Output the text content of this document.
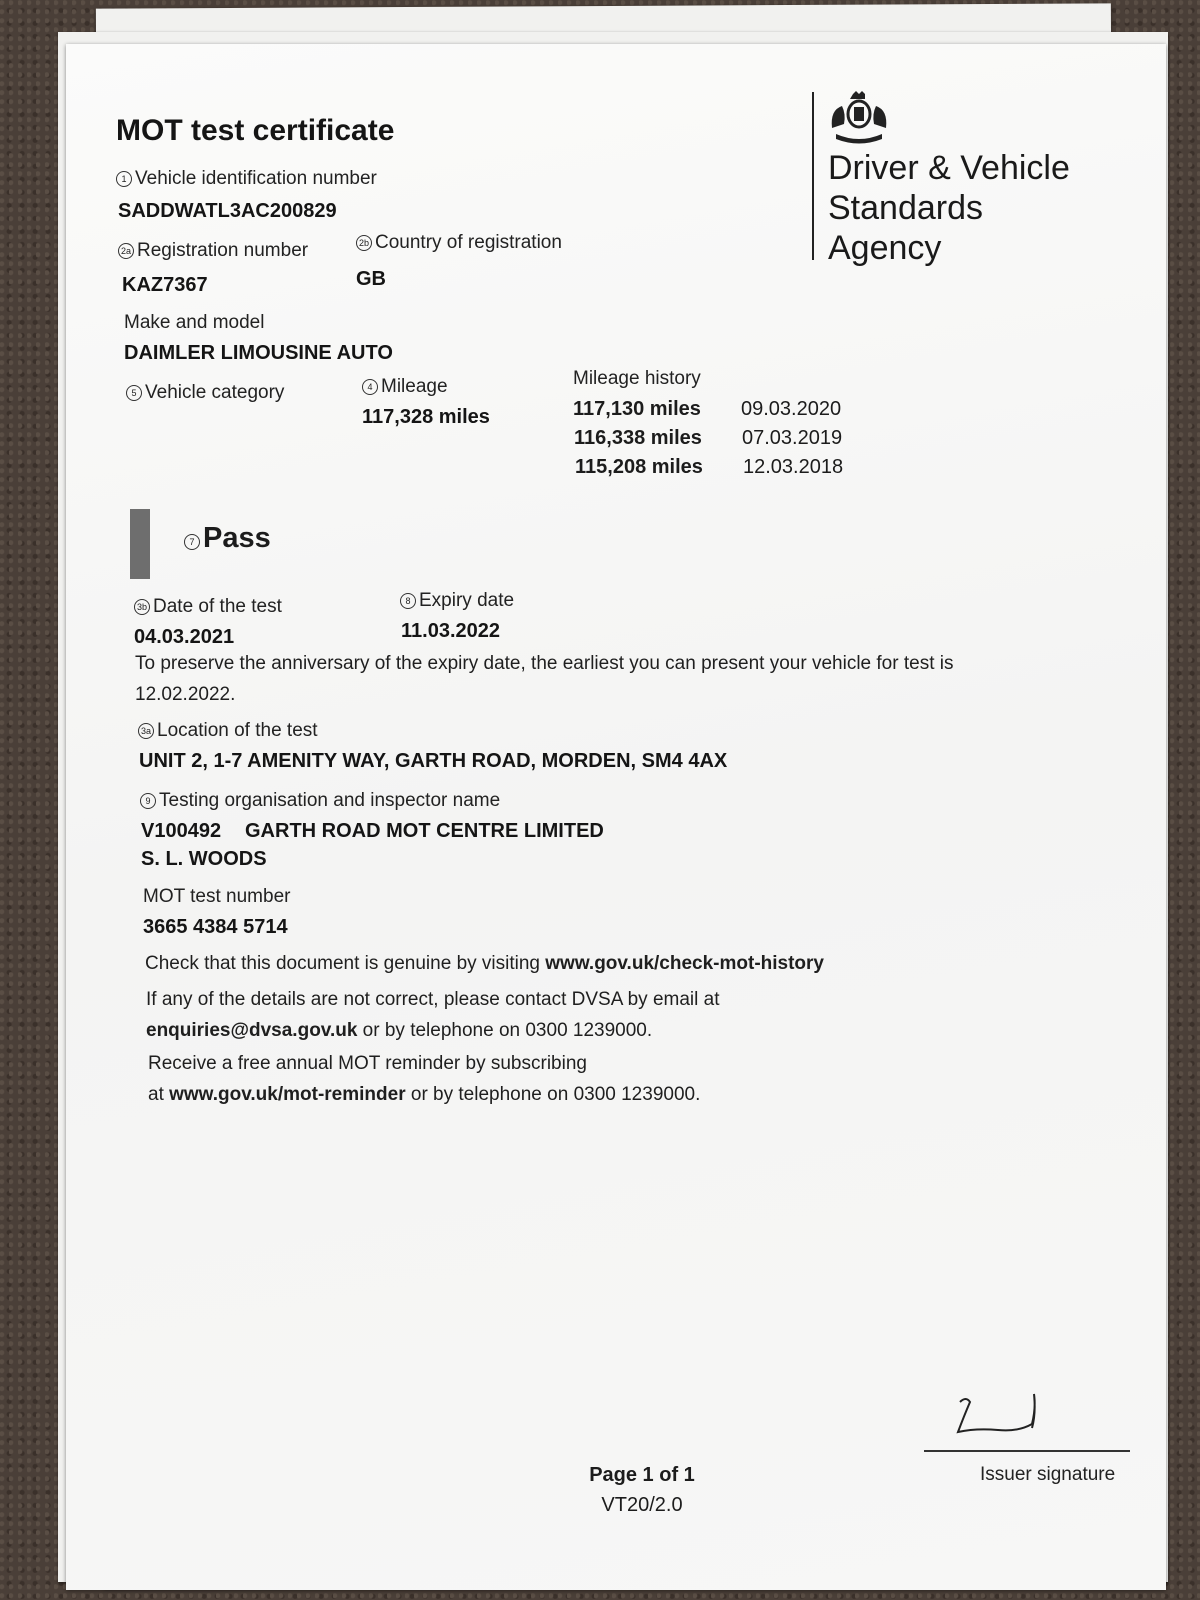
MOT test certificate
Driver & Vehicle
Standards
Agency
1 Vehicle identification number
SADDWATL3AC200829
2a Registration number
KAZ7367
2b Country of registration
GB
Make and model
DAIMLER LIMOUSINE AUTO
5 Vehicle category	4 Mileage
117,328 miles
Mileage history
117,130 miles 09.03.2020
116,338 miles 07.03.2019
115,208 miles 12.03.2018
7 Pass
3b Date of the test
04.03.2021
8 Expiry date
11.03.2022
To preserve the anniversary of the expiry date, the earliest you can present your vehicle for test is
12.02.2022.
3a Location of the test
UNIT 2, 1-7 AMENITY WAY, GARTH ROAD, MORDEN, SM4 4AX
9 Testing organisation and inspector name
V100492 GARTH ROAD MOT CENTRE LIMITED
S. L. WOODS
MOT test number
3665 4384 5714
Check that this document is genuine by visiting www.gov.uk/check-mot-history
If any of the details are not correct, please contact DVSA by email at
enquiries@dvsa.gov.uk or by telephone on 0300 1239000.
Receive a free annual MOT reminder by subscribing
at www.gov.uk/mot-reminder or by telephone on 0300 1239000.
Issuer signature
Page 1 of 1
VT20/2.0
